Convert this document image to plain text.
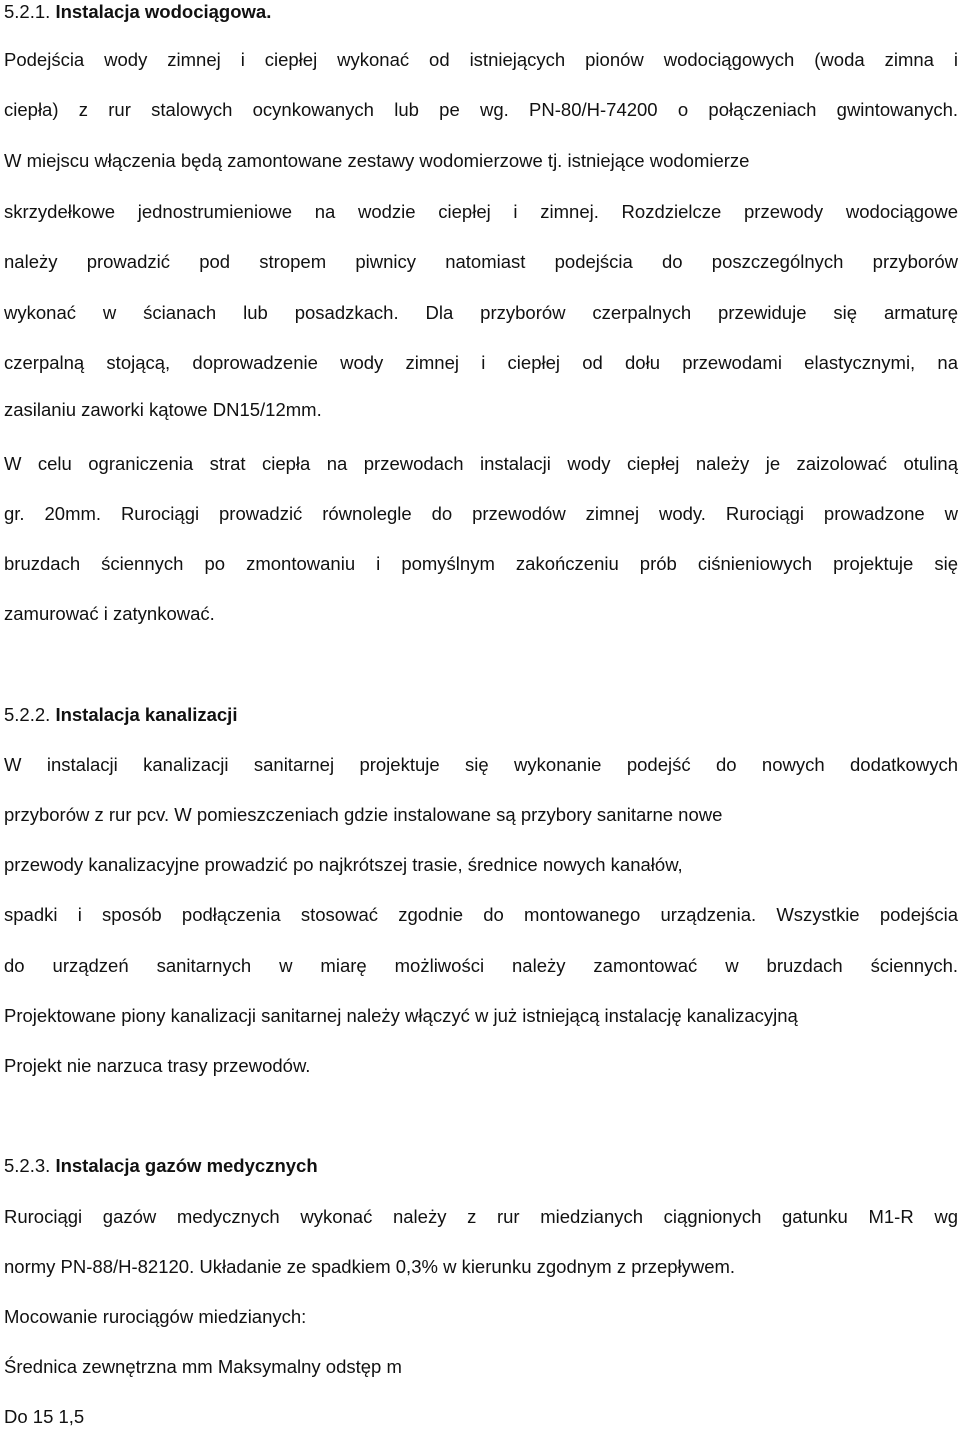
5.2.1. Instalacja wodociągowa.
Podejścia wody zimnej i ciepłej wykonać od istniejących pionów wodociągowych (woda zimna i
ciepła) z rur stalowych ocynkowanych lub pe wg. PN-80/H-74200 o połączeniach gwintowanych.
W miejscu włączenia będą zamontowane zestawy wodomierzowe tj. istniejące wodomierze
skrzydełkowe jednostrumieniowe na wodzie ciepłej i zimnej. Rozdzielcze przewody wodociągowe
należy prowadzić pod stropem piwnicy natomiast podejścia do poszczególnych przyborów
wykonać w ścianach lub posadzkach. Dla przyborów czerpalnych przewiduje się armaturę
czerpalną stojącą, doprowadzenie wody zimnej i ciepłej od dołu przewodami elastycznymi, na
zasilaniu zaworki kątowe DN15/12mm.
W celu ograniczenia strat ciepła na przewodach instalacji wody ciepłej należy je zaizolować otuliną
gr. 20mm. Rurociągi prowadzić równolegle do przewodów zimnej wody. Rurociągi prowadzone w
bruzdach ściennych po zmontowaniu i pomyślnym zakończeniu prób ciśnieniowych projektuje się
zamurować i zatynkować.
5.2.2. Instalacja kanalizacji
W instalacji kanalizacji sanitarnej projektuje się wykonanie podejść do nowych dodatkowych
przyborów z rur pcv. W pomieszczeniach gdzie instalowane są przybory sanitarne nowe
przewody kanalizacyjne prowadzić po najkrótszej trasie, średnice nowych kanałów,
spadki i sposób podłączenia stosować zgodnie do montowanego urządzenia. Wszystkie podejścia
do urządzeń sanitarnych w miarę możliwości należy zamontować w bruzdach ściennych.
Projektowane piony kanalizacji sanitarnej należy włączyć w już istniejącą instalację kanalizacyjną
Projekt nie narzuca trasy przewodów.
5.2.3. Instalacja gazów medycznych
Rurociągi gazów medycznych wykonać należy z rur miedzianych ciągnionych gatunku M1-R wg
normy PN-88/H-82120. Układanie ze spadkiem 0,3% w kierunku zgodnym z przepływem.
Mocowanie rurociągów miedzianych:
Średnica zewnętrzna mm Maksymalny odstęp m
Do 15 1,5
